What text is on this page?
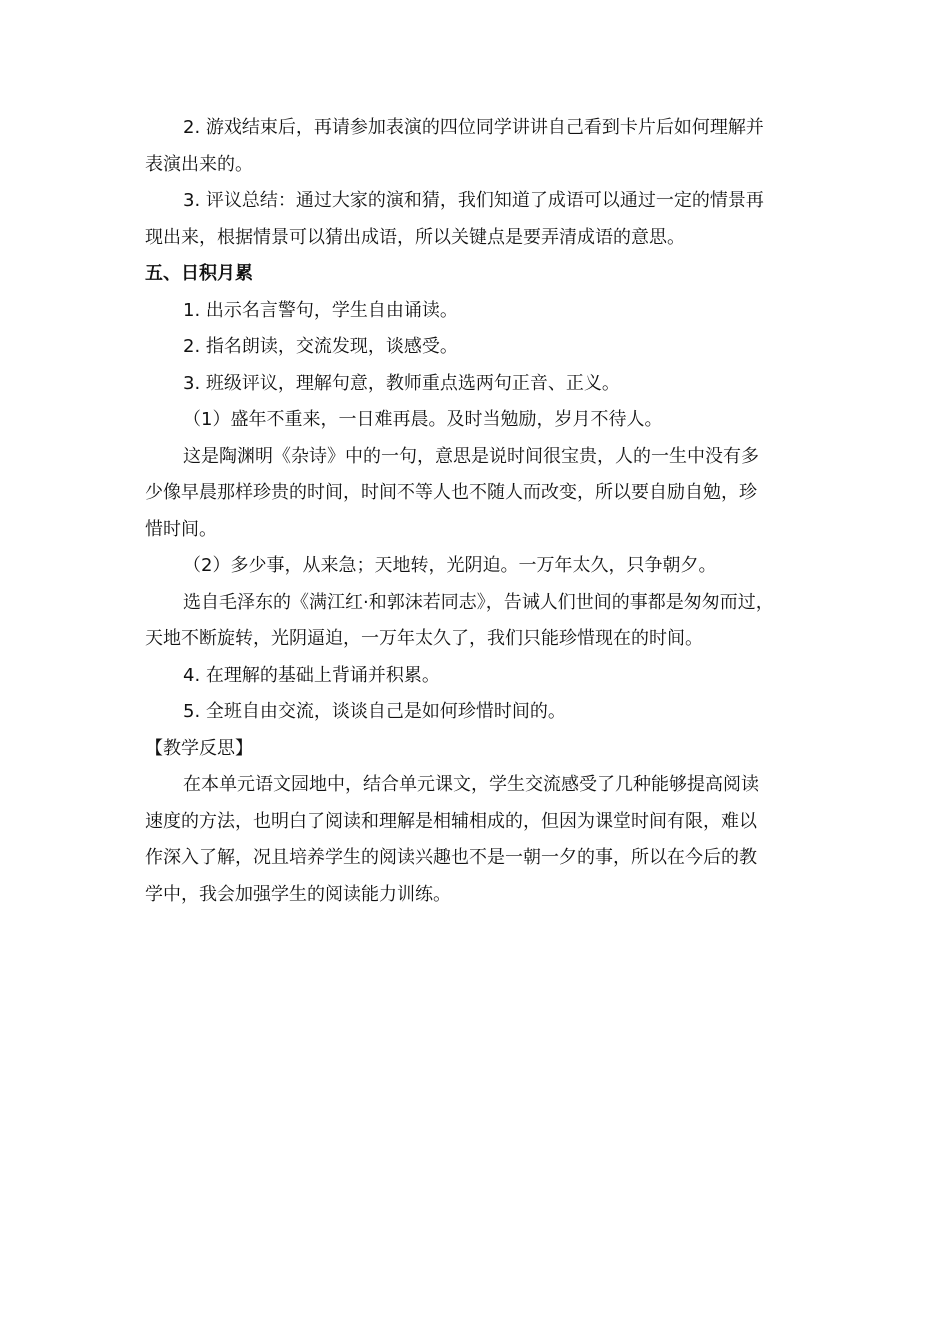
2. 游戏结束后，再请参加表演的四位同学讲讲自己看到卡片后如何理解并

表演出来的。

3. 评议总结：通过大家的演和猜，我们知道了成语可以通过一定的情景再

现出来，根据情景可以猜出成语，所以关键点是要弄清成语的意思。

五、日积月累

1. 出示名言警句，学生自由诵读。

2. 指名朗读，交流发现，谈感受。

3. 班级评议，理解句意，教师重点选两句正音、正义。

（1）盛年不重来，一日难再晨。及时当勉励，岁月不待人。

这是陶渊明《杂诗》中的一句，意思是说时间很宝贵，人的一生中没有多

少像早晨那样珍贵的时间，时间不等人也不随人而改变，所以要自励自勉，珍

惜时间。

（2）多少事，从来急；天地转，光阴迫。一万年太久，只争朝夕。

选自毛泽东的《满江红·和郭沫若同志》，告诫人们世间的事都是匆匆而过，

天地不断旋转，光阴逼迫，一万年太久了，我们只能珍惜现在的时间。

4. 在理解的基础上背诵并积累。

5. 全班自由交流，谈谈自己是如何珍惜时间的。

【教学反思】

在本单元语文园地中，结合单元课文，学生交流感受了几种能够提高阅读

速度的方法，也明白了阅读和理解是相辅相成的，但因为课堂时间有限，难以

作深入了解，况且培养学生的阅读兴趣也不是一朝一夕的事，所以在今后的教

学中，我会加强学生的阅读能力训练。
